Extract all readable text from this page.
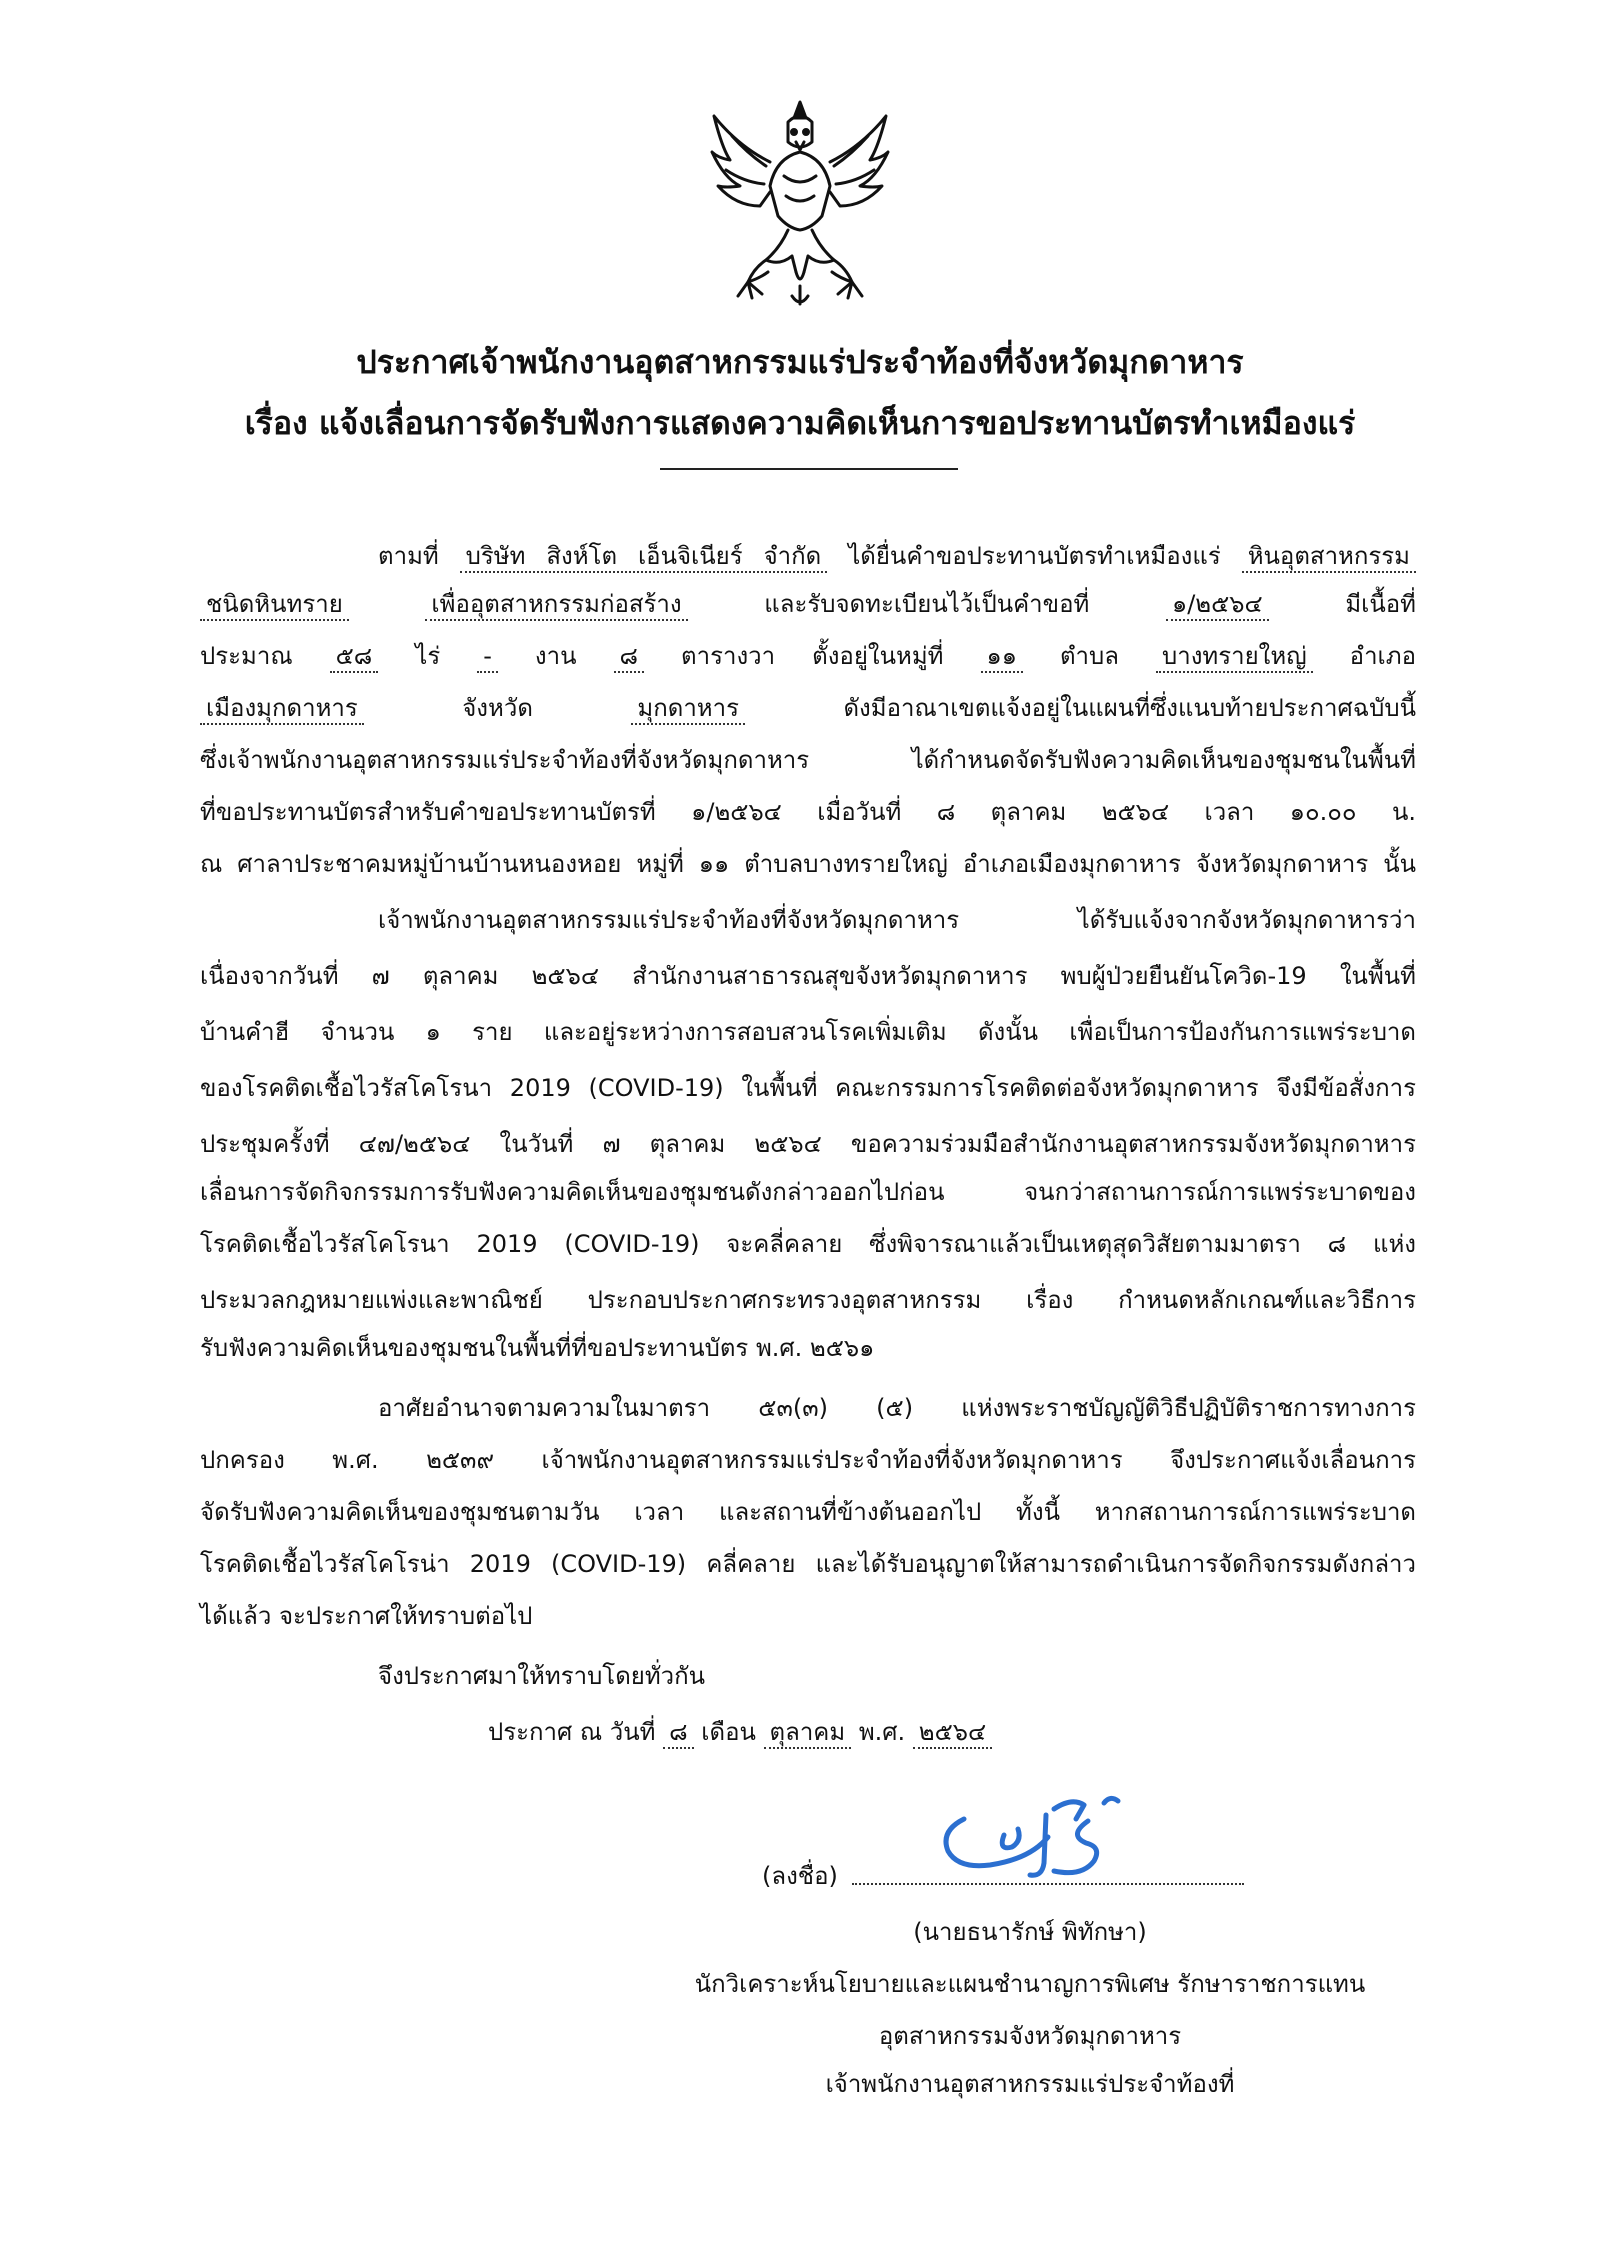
ประกาศเจ้าพนักงานอุตสาหกรรมแร่ประจำท้องที่จังหวัดมุกดาหาร
เรื่อง แจ้งเลื่อนการจัดรับฟังการแสดงความคิดเห็นการขอประทานบัตรทำเหมืองแร่
ตามที่ บริษัท สิงห์โต เอ็นจิเนียร์ จำกัด ได้ยื่นคำขอประทานบัตรทำเหมืองแร่ หินอุตสาหกรรม
ชนิดหินทราย	เพื่ออุตสาหกรรมก่อสร้าง	และรับจดทะเบียนไว้เป็นคำขอที่	๑/๒๕๖๔	มีเนื้อที่
ประมาณ ๕๘ ไร่ - งาน ๘ ตารางวา ตั้งอยู่ในหมู่ที่ ๑๑ ตำบล บางทรายใหญ่ อำเภอ
เมืองมุกดาหาร	จังหวัด	มุกดาหาร	ดังมีอาณาเขตแจ้งอยู่ในแผนที่ซึ่งแนบท้ายประกาศฉบับนี้
ซึ่งเจ้าพนักงานอุตสาหกรรมแร่ประจำท้องที่จังหวัดมุกดาหาร ได้กำหนดจัดรับฟังความคิดเห็นของชุมชนในพื้นที่
ที่ขอประทานบัตรสำหรับคำขอประทานบัตรที่ ๑/๒๕๖๔ เมื่อวันที่ ๘ ตุลาคม ๒๕๖๔ เวลา ๑๐.๐๐ น.
ณ ศาลาประชาคมหมู่บ้านบ้านหนองหอย หมู่ที่ ๑๑ ตำบลบางทรายใหญ่ อำเภอเมืองมุกดาหาร จังหวัดมุกดาหาร นั้น
เจ้าพนักงานอุตสาหกรรมแร่ประจำท้องที่จังหวัดมุกดาหาร ได้รับแจ้งจากจังหวัดมุกดาหารว่า
เนื่องจากวันที่ ๗ ตุลาคม ๒๕๖๔ สำนักงานสาธารณสุขจังหวัดมุกดาหาร พบผู้ป่วยยืนยันโควิด-19 ในพื้นที่
บ้านคำฮี จำนวน ๑ ราย และอยู่ระหว่างการสอบสวนโรคเพิ่มเติม ดังนั้น เพื่อเป็นการป้องกันการแพร่ระบาด
ของโรคติดเชื้อไวรัสโคโรนา 2019 (COVID-19) ในพื้นที่ คณะกรรมการโรคติดต่อจังหวัดมุกดาหาร จึงมีข้อสั่งการ
ประชุมครั้งที่ ๔๗/๒๕๖๔ ในวันที่ ๗ ตุลาคม ๒๕๖๔ ขอความร่วมมือสำนักงานอุตสาหกรรมจังหวัดมุกดาหาร
เลื่อนการจัดกิจกรรมการรับฟังความคิดเห็นของชุมชนดังกล่าวออกไปก่อน จนกว่าสถานการณ์การแพร่ระบาดของ
โรคติดเชื้อไวรัสโคโรนา 2019 (COVID-19) จะคลี่คลาย ซึ่งพิจารณาแล้วเป็นเหตุสุดวิสัยตามมาตรา ๘ แห่ง
ประมวลกฎหมายแพ่งและพาณิชย์ ประกอบประกาศกระทรวงอุตสาหกรรม เรื่อง กำหนดหลักเกณฑ์และวิธีการ
รับฟังความคิดเห็นของชุมชนในพื้นที่ที่ขอประทานบัตร พ.ศ. ๒๕๖๑
อาศัยอำนาจตามความในมาตรา ๕๓(๓) (๕) แห่งพระราชบัญญัติวิธีปฏิบัติราชการทางการ
ปกครอง พ.ศ. ๒๕๓๙ เจ้าพนักงานอุตสาหกรรมแร่ประจำท้องที่จังหวัดมุกดาหาร จึงประกาศแจ้งเลื่อนการ
จัดรับฟังความคิดเห็นของชุมชนตามวัน เวลา และสถานที่ข้างต้นออกไป ทั้งนี้ หากสถานการณ์การแพร่ระบาด
โรคติดเชื้อไวรัสโคโรน่า 2019 (COVID-19) คลี่คลาย และได้รับอนุญาตให้สามารถดำเนินการจัดกิจกรรมดังกล่าว
ได้แล้ว จะประกาศให้ทราบต่อไป
จึงประกาศมาให้ทราบโดยทั่วกัน
ประกาศ ณ วันที่ ๘ เดือน ตุลาคม พ.ศ. ๒๕๖๔
(ลงชื่อ)
(นายธนารักษ์ พิทักษา)
นักวิเคราะห์นโยบายและแผนชำนาญการพิเศษ รักษาราชการแทน
อุตสาหกรรมจังหวัดมุกดาหาร
เจ้าพนักงานอุตสาหกรรมแร่ประจำท้องที่
